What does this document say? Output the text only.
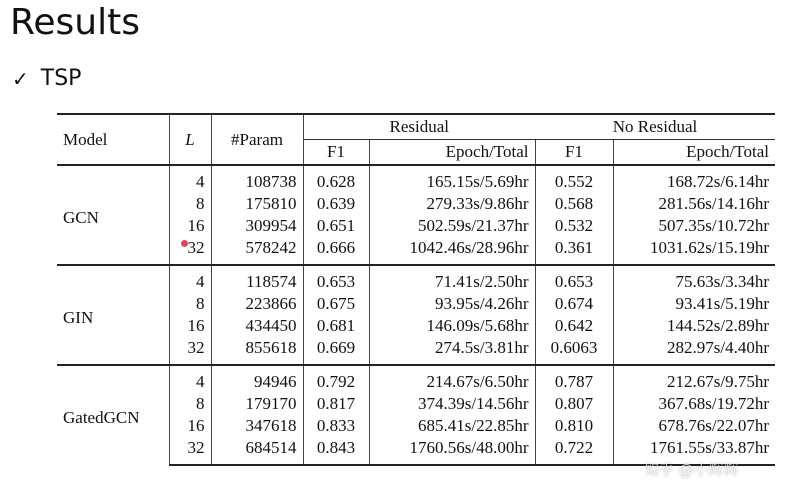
Results
✓ TSP
Model	L	#Param	Residual		No Residual	
			F1	Epoch/Total	F1	Epoch/Total
GCN	4	108738	0.628	165.15s/5.69hr	0.552	168.72s/6.14hr
	8	175810	0.639	279.33s/9.86hr	0.568	281.56s/14.16hr
	16	309954	0.651	502.59s/21.37hr	0.532	507.35s/10.72hr
	32	578242	0.666	1042.46s/28.96hr	0.361	1031.62s/15.19hr
GIN	4	118574	0.653	71.41s/2.50hr	0.653	75.63s/3.34hr
	8	223866	0.675	93.95s/4.26hr	0.674	93.41s/5.19hr
	16	434450	0.681	146.09s/5.68hr	0.642	144.52s/2.89hr
	32	855618	0.669	274.5s/3.81hr	0.6063	282.97s/4.40hr
GatedGCN	4	94946	0.792	214.67s/6.50hr	0.787	212.67s/9.75hr
	8	179170	0.817	374.39s/14.56hr	0.807	367.68s/19.72hr
	16	347618	0.833	685.41s/22.85hr	0.810	678.76s/22.07hr
	32	684514	0.843	1760.56s/48.00hr	0.722	1761.55s/33.87hr
知乎 @小辉辉
